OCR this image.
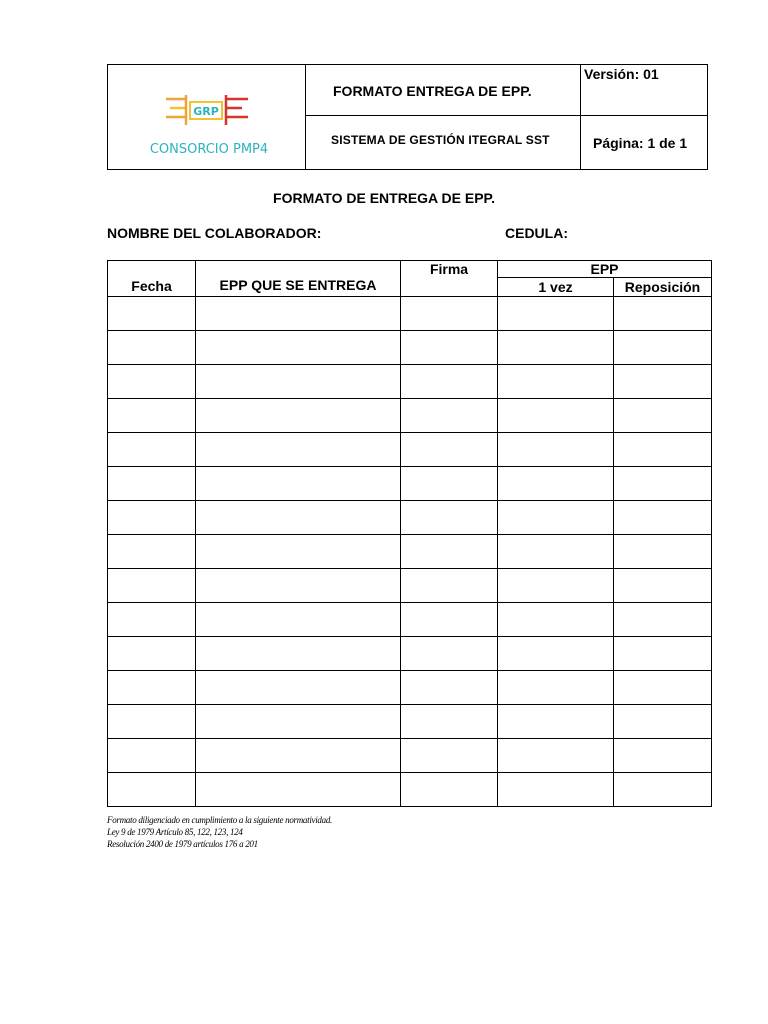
GRP
CONSORCIO PMP4
FORMATO ENTREGA DE EPP.
SISTEMA DE GESTIÓN ITEGRAL SST
Versión: 01
Página: 1 de 1
FORMATO DE ENTREGA DE EPP.
NOMBRE DEL COLABORADOR:	CEDULA:
Fecha	EPP QUE SE ENTREGA	Firma	EPP	
			1 vez	Reposición

Formato diligenciado en cumplimiento a la siguiente normatividad.
Ley 9 de 1979 Artículo 85, 122, 123, 124
Resolución 2400 de 1979 artículos 176 a 201
